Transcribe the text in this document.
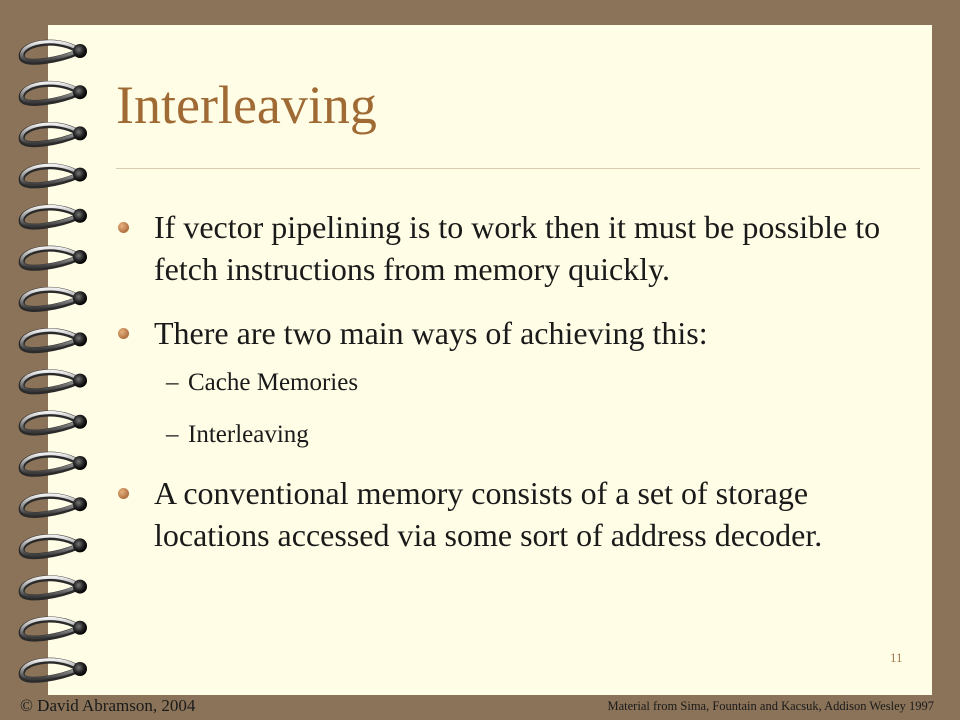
Interleaving
If vector pipelining is to work then it must be possible to fetch instructions from memory quickly.
There are two main ways of achieving this:
– Cache Memories
– Interleaving
A conventional memory consists of a set of storage locations accessed via some sort of address decoder.
11
© David Abramson, 2004	Material from Sima, Fountain and Kacsuk, Addison Wesley 1997
